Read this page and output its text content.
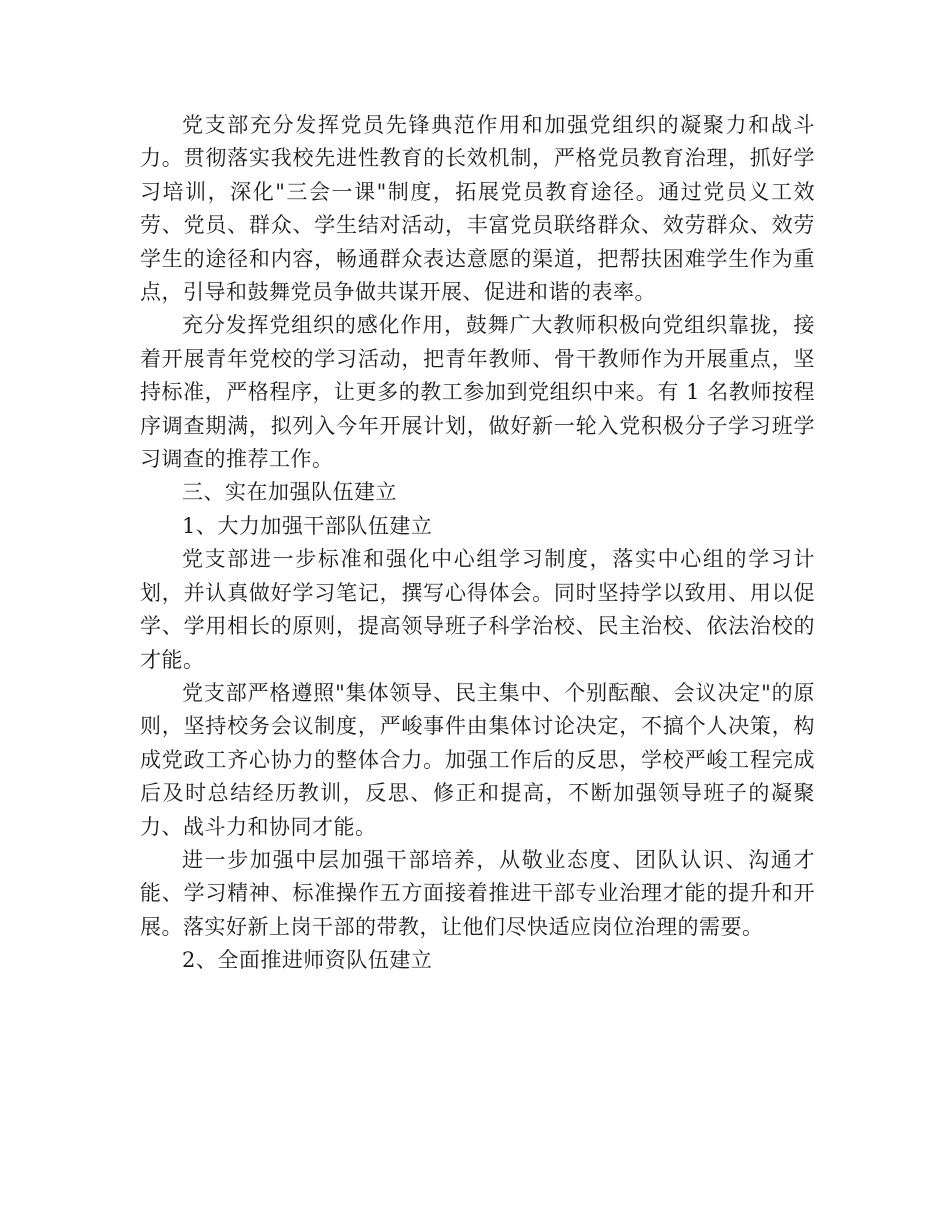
党支部充分发挥党员先锋典范作用和加强党组织的凝聚力和战斗力。贯彻落实我校先进性教育的长效机制，严格党员教育治理，抓好学习培训，深化"三会一课"制度，拓展党员教育途径。通过党员义工效劳、党员、群众、学生结对活动，丰富党员联络群众、效劳群众、效劳学生的途径和内容，畅通群众表达意愿的渠道，把帮扶困难学生作为重点，引导和鼓舞党员争做共谋开展、促进和谐的表率。

充分发挥党组织的感化作用，鼓舞广大教师积极向党组织靠拢，接着开展青年党校的学习活动，把青年教师、骨干教师作为开展重点，坚持标准，严格程序，让更多的教工参加到党组织中来。有 1 名教师按程序调查期满，拟列入今年开展计划，做好新一轮入党积极分子学习班学习调查的推荐工作。

三、实在加强队伍建立

1、大力加强干部队伍建立

党支部进一步标准和强化中心组学习制度，落实中心组的学习计划，并认真做好学习笔记，撰写心得体会。同时坚持学以致用、用以促学、学用相长的原则，提高领导班子科学治校、民主治校、依法治校的才能。

党支部严格遵照"集体领导、民主集中、个别酝酿、会议决定"的原则，坚持校务会议制度，严峻事件由集体讨论决定，不搞个人决策，构成党政工齐心协力的整体合力。加强工作后的反思，学校严峻工程完成后及时总结经历教训，反思、修正和提高，不断加强领导班子的凝聚力、战斗力和协同才能。

进一步加强中层加强干部培养，从敬业态度、团队认识、沟通才能、学习精神、标准操作五方面接着推进干部专业治理才能的提升和开展。落实好新上岗干部的带教，让他们尽快适应岗位治理的需要。

2、全面推进师资队伍建立
